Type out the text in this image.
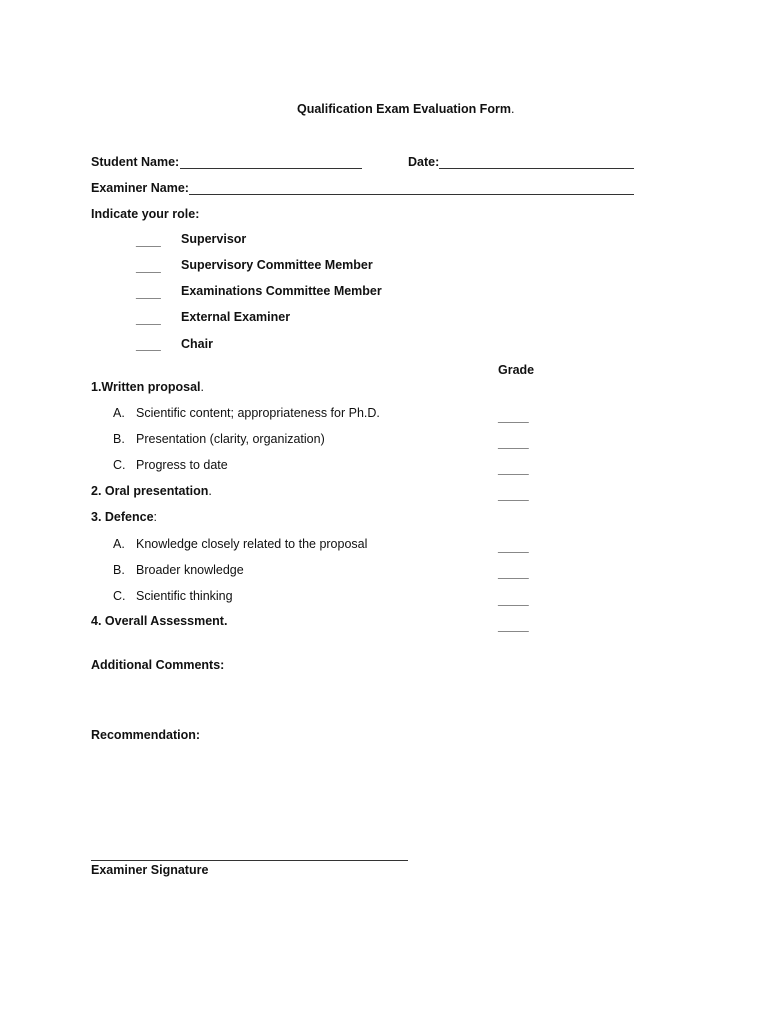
Qualification Exam Evaluation Form.
Student Name:	Date:
Examiner Name:
Indicate your role:
____ Supervisor
____ Supervisory Committee Member
____ Examinations Committee Member
____ External Examiner
____ Chair
Grade
1.Written proposal.
A. Scientific content; appropriateness for Ph.D.	_____
B. Presentation (clarity, organization)	_____
C. Progress to date	_____
2. Oral presentation.	_____
3. Defence:
A. Knowledge closely related to the proposal	_____
B. Broader knowledge	_____
C. Scientific thinking	_____
4. Overall Assessment.	_____
Additional Comments:
Recommendation:
Examiner Signature
